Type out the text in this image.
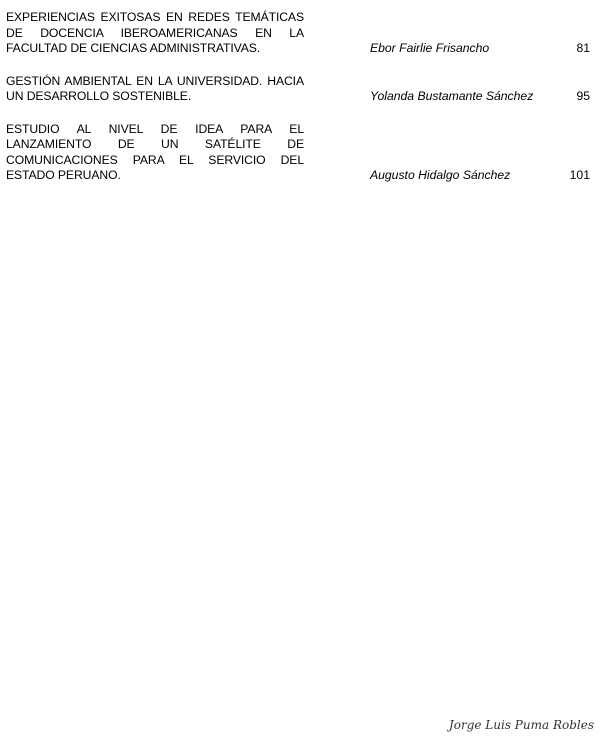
EXPERIENCIAS EXITOSAS EN REDES TEMÁTICAS DE DOCENCIA IBEROAMERICANAS EN LA FACULTAD DE CIENCIAS ADMINISTRATIVAS.	Ebor Fairlie Frisancho	81
GESTIÓN AMBIENTAL EN LA UNIVERSIDAD. HACIA UN DESARROLLO SOSTENIBLE.	Yolanda Bustamante Sánchez	95
ESTUDIO AL NIVEL DE IDEA PARA EL LANZAMIENTO DE UN SATÉLITE DE COMUNICACIONES PARA EL SERVICIO DEL ESTADO PERUANO.	Augusto Hidalgo Sánchez	101
Jorge Luis Puma Robles
